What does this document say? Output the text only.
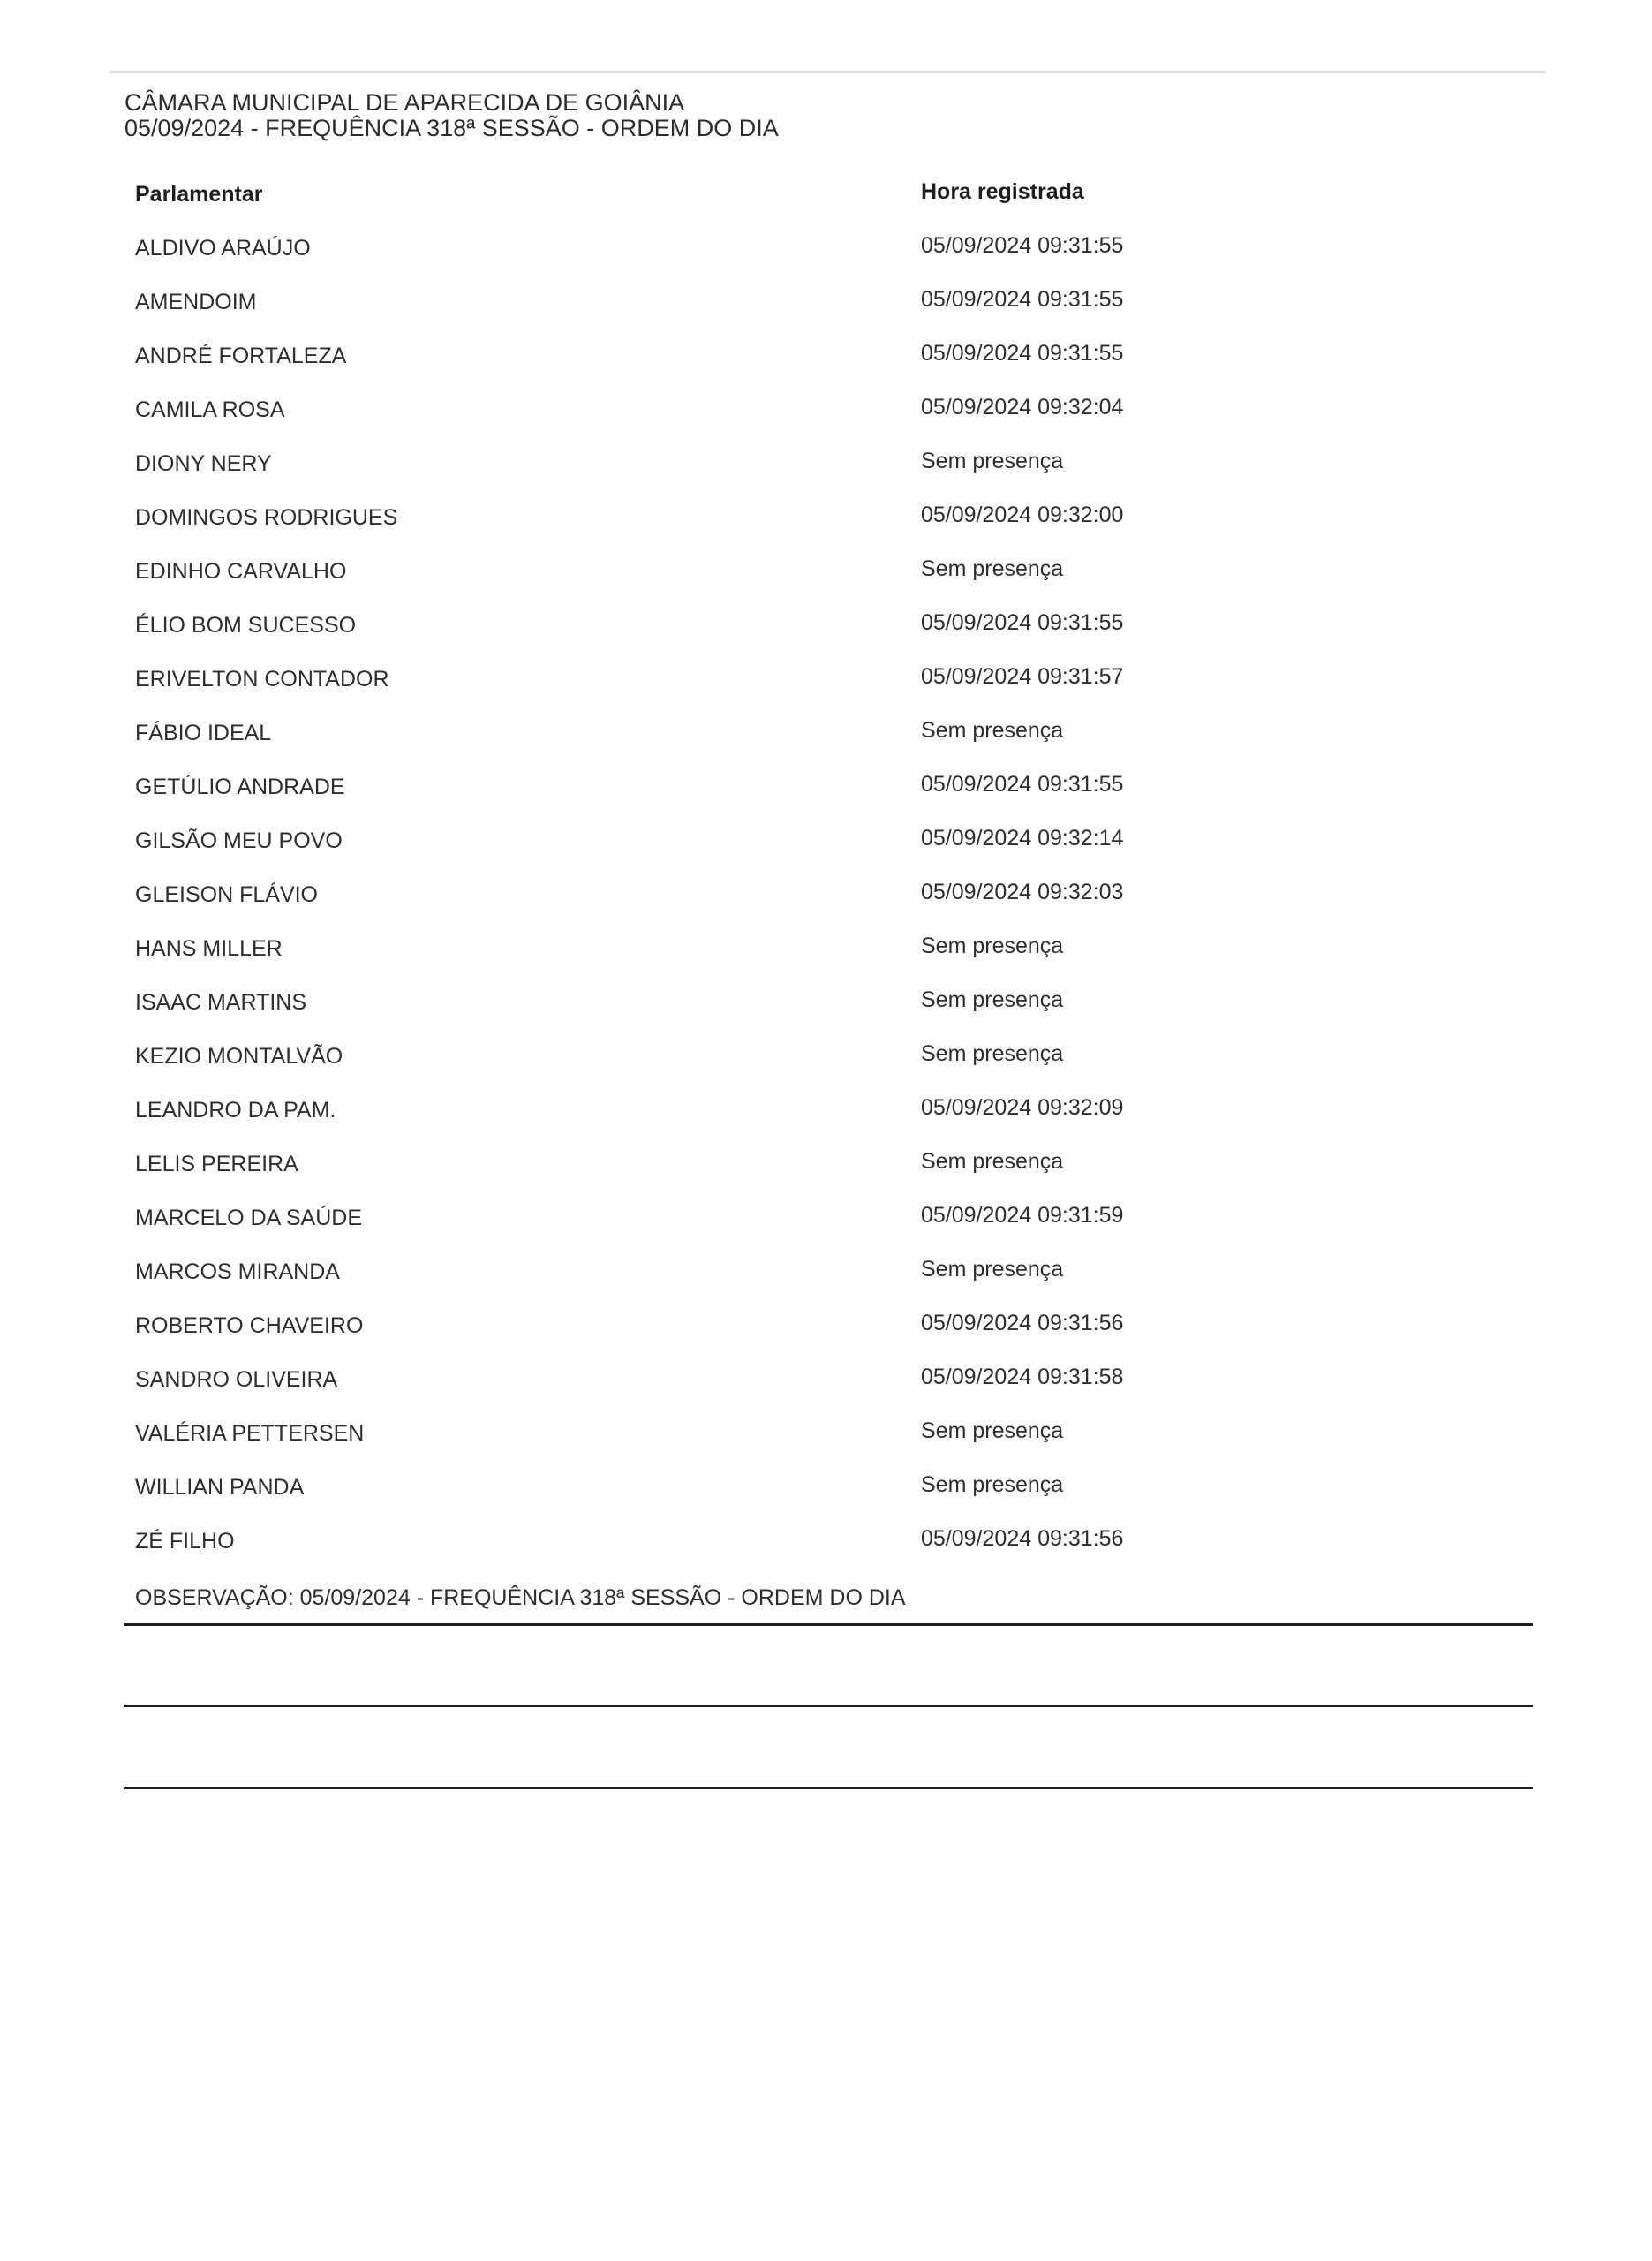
CÂMARA MUNICIPAL DE APARECIDA DE GOIÂNIA
05/09/2024 - FREQUÊNCIA 318ª SESSÃO - ORDEM DO DIA
Parlamentar	Hora registrada
ALDIVO ARAÚJO	05/09/2024 09:31:55
AMENDOIM	05/09/2024 09:31:55
ANDRÉ FORTALEZA	05/09/2024 09:31:55
CAMILA ROSA	05/09/2024 09:32:04
DIONY NERY	Sem presença
DOMINGOS RODRIGUES	05/09/2024 09:32:00
EDINHO CARVALHO	Sem presença
ÉLIO BOM SUCESSO	05/09/2024 09:31:55
ERIVELTON CONTADOR	05/09/2024 09:31:57
FÁBIO IDEAL	Sem presença
GETÚLIO ANDRADE	05/09/2024 09:31:55
GILSÃO MEU POVO	05/09/2024 09:32:14
GLEISON FLÁVIO	05/09/2024 09:32:03
HANS MILLER	Sem presença
ISAAC MARTINS	Sem presença
KEZIO MONTALVÃO	Sem presença
LEANDRO DA PAM.	05/09/2024 09:32:09
LELIS PEREIRA	Sem presença
MARCELO DA SAÚDE	05/09/2024 09:31:59
MARCOS MIRANDA	Sem presença
ROBERTO CHAVEIRO	05/09/2024 09:31:56
SANDRO OLIVEIRA	05/09/2024 09:31:58
VALÉRIA PETTERSEN	Sem presença
WILLIAN PANDA	Sem presença
ZÉ FILHO	05/09/2024 09:31:56
OBSERVAÇÃO: 05/09/2024 - FREQUÊNCIA 318ª SESSÃO - ORDEM DO DIA
